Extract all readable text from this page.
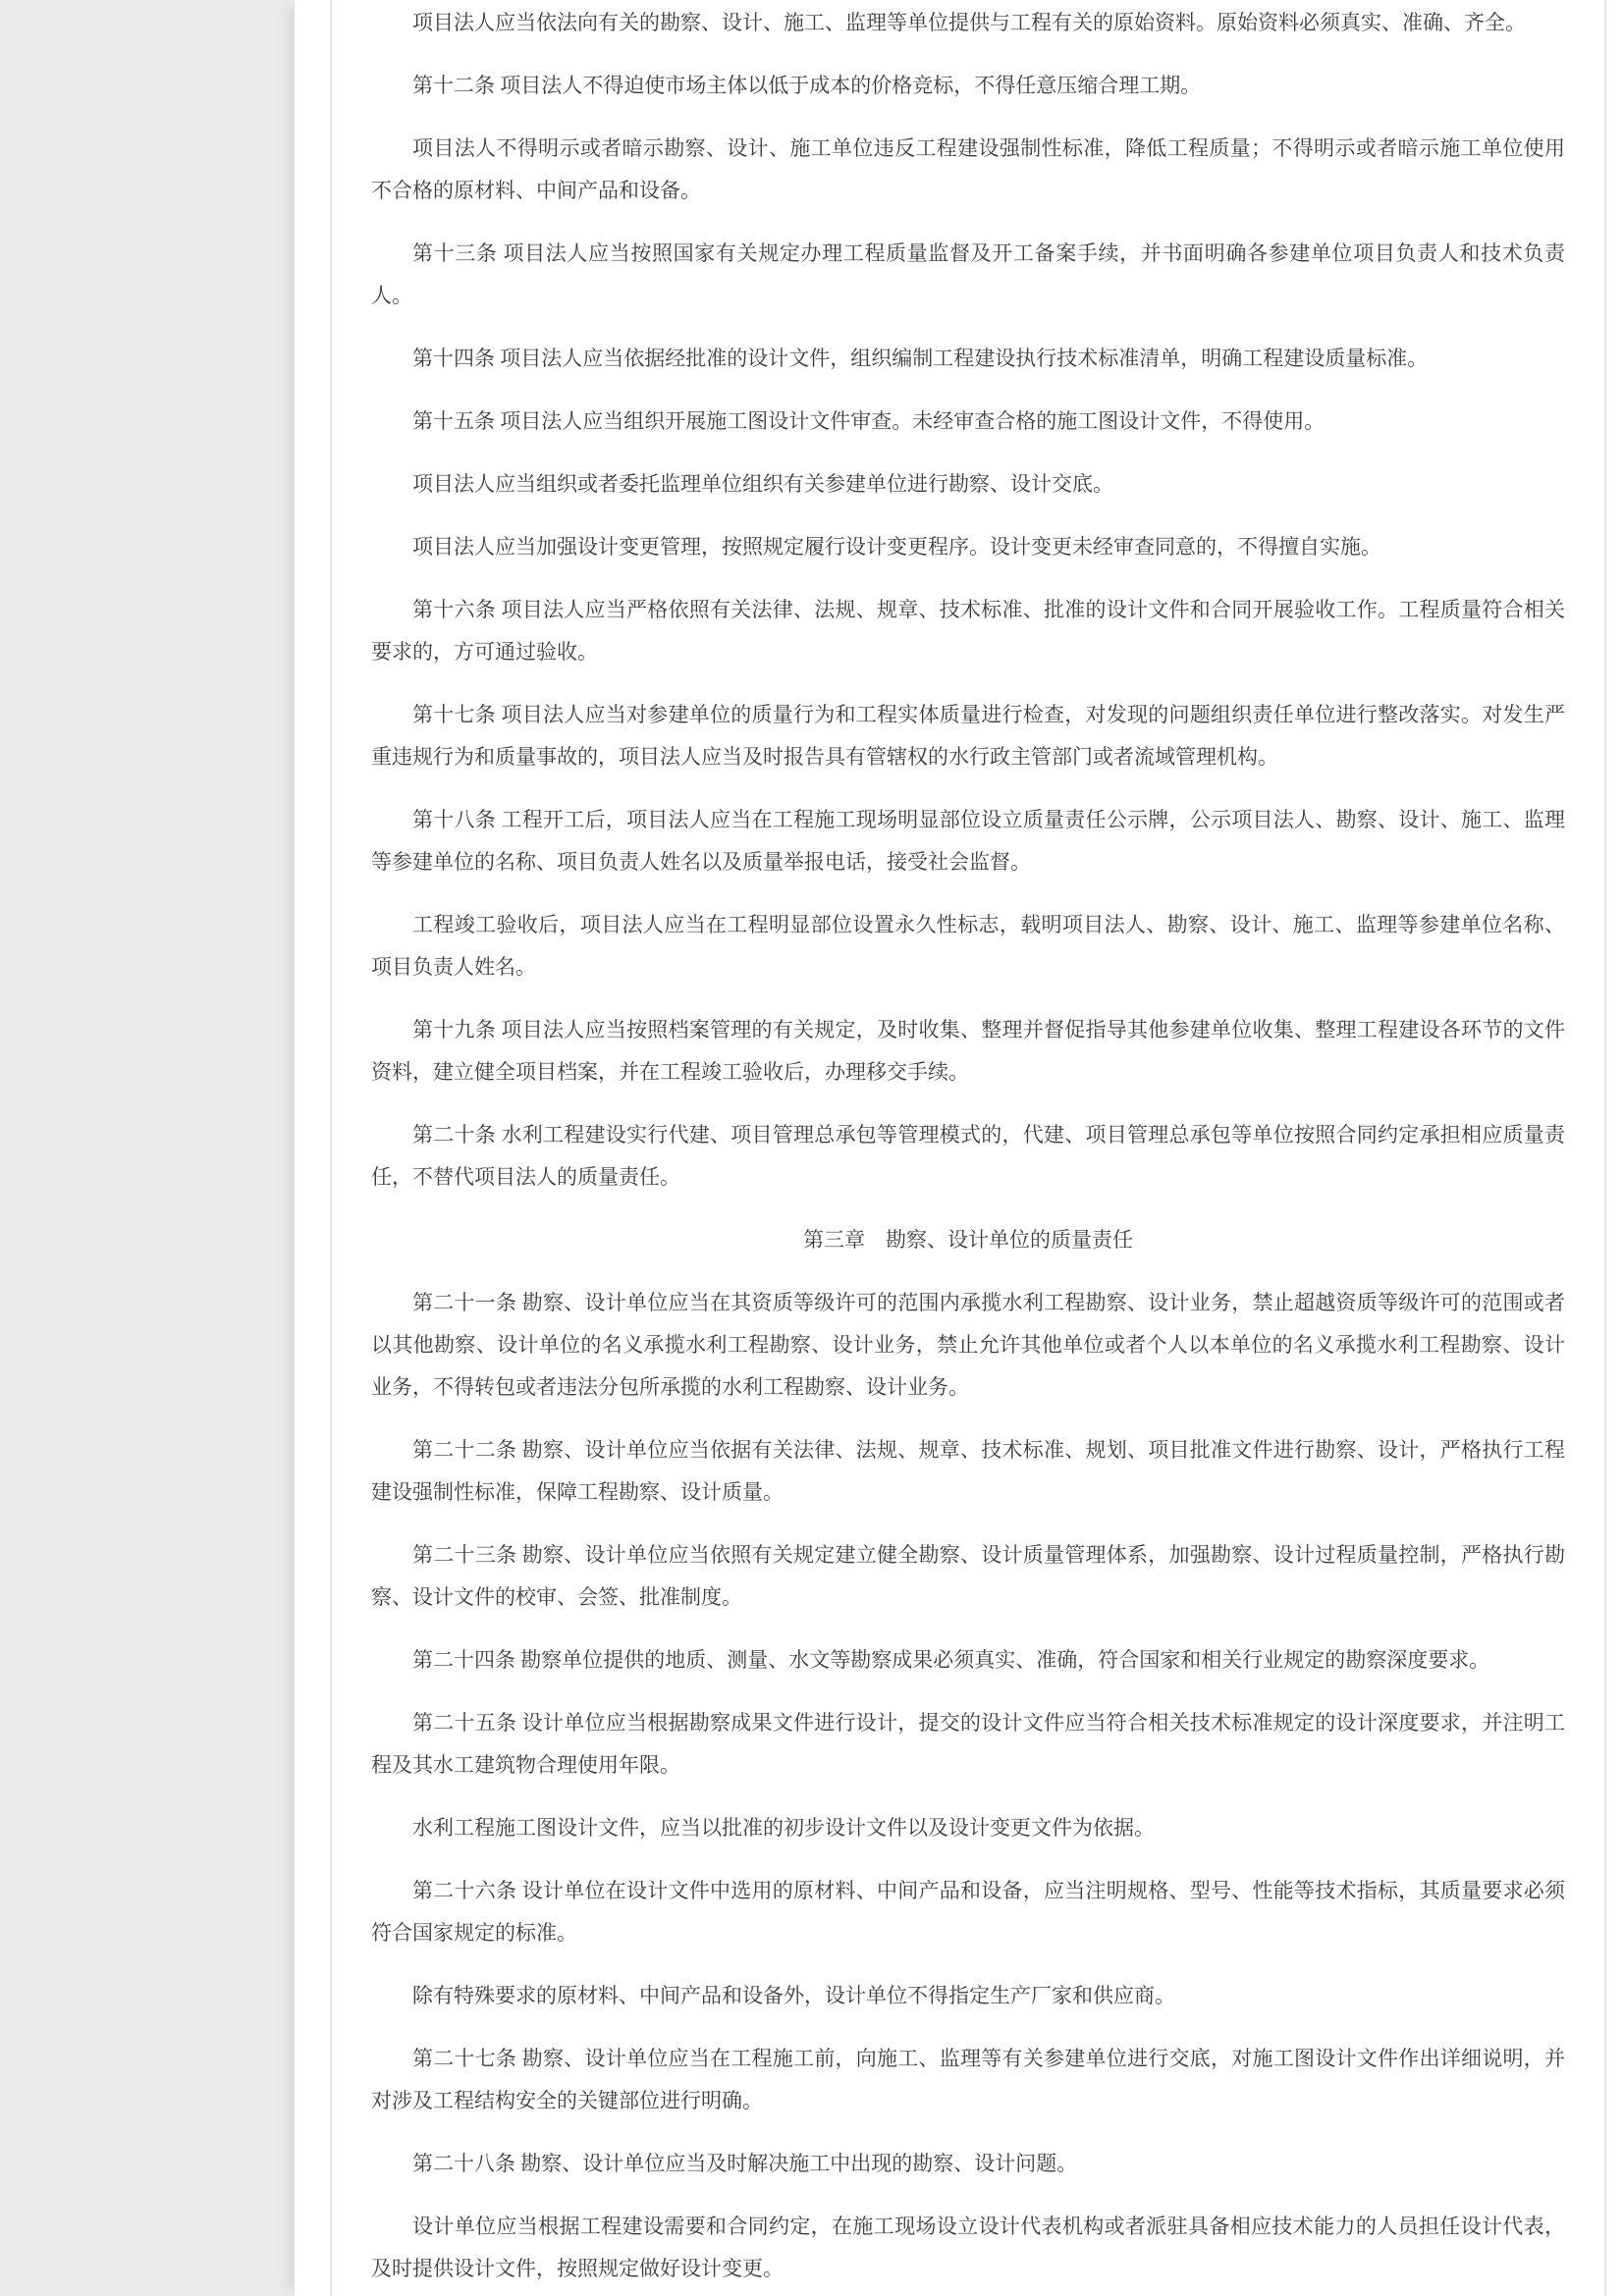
项目法人应当依法向有关的勘察、设计、施工、监理等单位提供与工程有关的原始资料。原始资料必须真实、准确、齐全。

第十二条 项目法人不得迫使市场主体以低于成本的价格竞标，不得任意压缩合理工期。

项目法人不得明示或者暗示勘察、设计、施工单位违反工程建设强制性标准，降低工程质量；不得明示或者暗示施工单位使用不合格的原材料、中间产品和设备。

第十三条 项目法人应当按照国家有关规定办理工程质量监督及开工备案手续，并书面明确各参建单位项目负责人和技术负责人。

第十四条 项目法人应当依据经批准的设计文件，组织编制工程建设执行技术标准清单，明确工程建设质量标准。

第十五条 项目法人应当组织开展施工图设计文件审查。未经审查合格的施工图设计文件，不得使用。

项目法人应当组织或者委托监理单位组织有关参建单位进行勘察、设计交底。

项目法人应当加强设计变更管理，按照规定履行设计变更程序。设计变更未经审查同意的，不得擅自实施。

第十六条 项目法人应当严格依照有关法律、法规、规章、技术标准、批准的设计文件和合同开展验收工作。工程质量符合相关要求的，方可通过验收。

第十七条 项目法人应当对参建单位的质量行为和工程实体质量进行检查，对发现的问题组织责任单位进行整改落实。对发生严重违规行为和质量事故的，项目法人应当及时报告具有管辖权的水行政主管部门或者流域管理机构。

第十八条 工程开工后，项目法人应当在工程施工现场明显部位设立质量责任公示牌，公示项目法人、勘察、设计、施工、监理等参建单位的名称、项目负责人姓名以及质量举报电话，接受社会监督。

工程竣工验收后，项目法人应当在工程明显部位设置永久性标志，载明项目法人、勘察、设计、施工、监理等参建单位名称、项目负责人姓名。

第十九条 项目法人应当按照档案管理的有关规定，及时收集、整理并督促指导其他参建单位收集、整理工程建设各环节的文件资料，建立健全项目档案，并在工程竣工验收后，办理移交手续。

第二十条 水利工程建设实行代建、项目管理总承包等管理模式的，代建、项目管理总承包等单位按照合同约定承担相应质量责任，不替代项目法人的质量责任。

第三章　勘察、设计单位的质量责任

第二十一条 勘察、设计单位应当在其资质等级许可的范围内承揽水利工程勘察、设计业务，禁止超越资质等级许可的范围或者以其他勘察、设计单位的名义承揽水利工程勘察、设计业务，禁止允许其他单位或者个人以本单位的名义承揽水利工程勘察、设计业务，不得转包或者违法分包所承揽的水利工程勘察、设计业务。

第二十二条 勘察、设计单位应当依据有关法律、法规、规章、技术标准、规划、项目批准文件进行勘察、设计，严格执行工程建设强制性标准，保障工程勘察、设计质量。

第二十三条 勘察、设计单位应当依照有关规定建立健全勘察、设计质量管理体系，加强勘察、设计过程质量控制，严格执行勘察、设计文件的校审、会签、批准制度。

第二十四条 勘察单位提供的地质、测量、水文等勘察成果必须真实、准确，符合国家和相关行业规定的勘察深度要求。

第二十五条 设计单位应当根据勘察成果文件进行设计，提交的设计文件应当符合相关技术标准规定的设计深度要求，并注明工程及其水工建筑物合理使用年限。

水利工程施工图设计文件，应当以批准的初步设计文件以及设计变更文件为依据。

第二十六条 设计单位在设计文件中选用的原材料、中间产品和设备，应当注明规格、型号、性能等技术指标，其质量要求必须符合国家规定的标准。

除有特殊要求的原材料、中间产品和设备外，设计单位不得指定生产厂家和供应商。

第二十七条 勘察、设计单位应当在工程施工前，向施工、监理等有关参建单位进行交底，对施工图设计文件作出详细说明，并对涉及工程结构安全的关键部位进行明确。

第二十八条 勘察、设计单位应当及时解决施工中出现的勘察、设计问题。

设计单位应当根据工程建设需要和合同约定，在施工现场设立设计代表机构或者派驻具备相应技术能力的人员担任设计代表，及时提供设计文件，按照规定做好设计变更。
